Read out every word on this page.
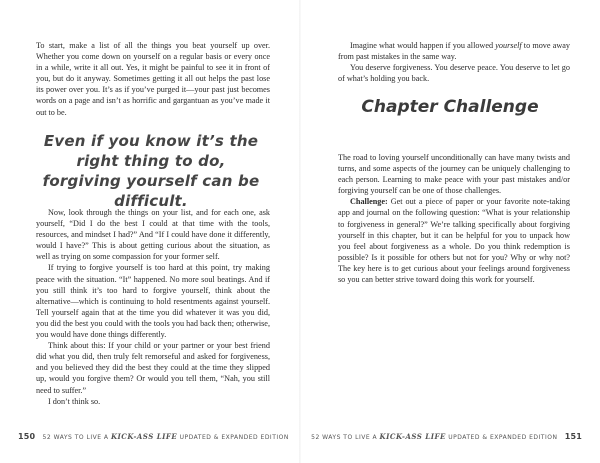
To start, make a list of all the things you beat yourself up over. Whether you come down on yourself on a regular basis or every once in a while, write it all out. Yes, it might be painful to see it in front of you, but do it anyway. Sometimes getting it all out helps the past lose its power over you. It’s as if you’ve purged it—your past just becomes words on a page and isn’t as horrific and gargantuan as you’ve made it out to be.

Even if you know it’s the right thing to do, forgiving yourself can be difficult.

Now, look through the things on your list, and for each one, ask yourself, “Did I do the best I could at that time with the tools, resources, and mindset I had?” And “If I could have done it differently, would I have?” This is about getting curious about the situation, as well as trying on some compassion for your former self.

If trying to forgive yourself is too hard at this point, try making peace with the situation. “It” happened. No more soul beatings. And if you still think it’s too hard to forgive yourself, think about the alternative—which is continuing to hold resentments against yourself. Tell yourself again that at the time you did whatever it was you did, you did the best you could with the tools you had back then; otherwise, you would have done things differently.

Think about this: If your child or your partner or your best friend did what you did, then truly felt remorseful and asked for forgiveness, and you believed they did the best they could at the time they slipped up, would you forgive them? Or would you tell them, “Nah, you still need to suffer.”

I don’t think so.

150 52 WAYS TO LIVE A KICK-ASS LIFE UPDATED & EXPANDED EDITION

Imagine what would happen if you allowed yourself to move away from past mistakes in the same way.

You deserve forgiveness. You deserve peace. You deserve to let go of what’s holding you back.

Chapter Challenge

The road to loving yourself unconditionally can have many twists and turns, and some aspects of the journey can be uniquely challenging to each person. Learning to make peace with your past mistakes and/or forgiving yourself can be one of those challenges.

Challenge: Get out a piece of paper or your favorite note-taking app and journal on the following question: “What is your relationship to forgiveness in general?” We’re talking specifically about forgiving yourself in this chapter, but it can be helpful for you to unpack how you feel about forgiveness as a whole. Do you think redemption is possible? Is it possible for others but not for you? Why or why not? The key here is to get curious about your feelings around forgiveness so you can better strive toward doing this work for yourself.

52 WAYS TO LIVE A KICK-ASS LIFE UPDATED & EXPANDED EDITION 151
